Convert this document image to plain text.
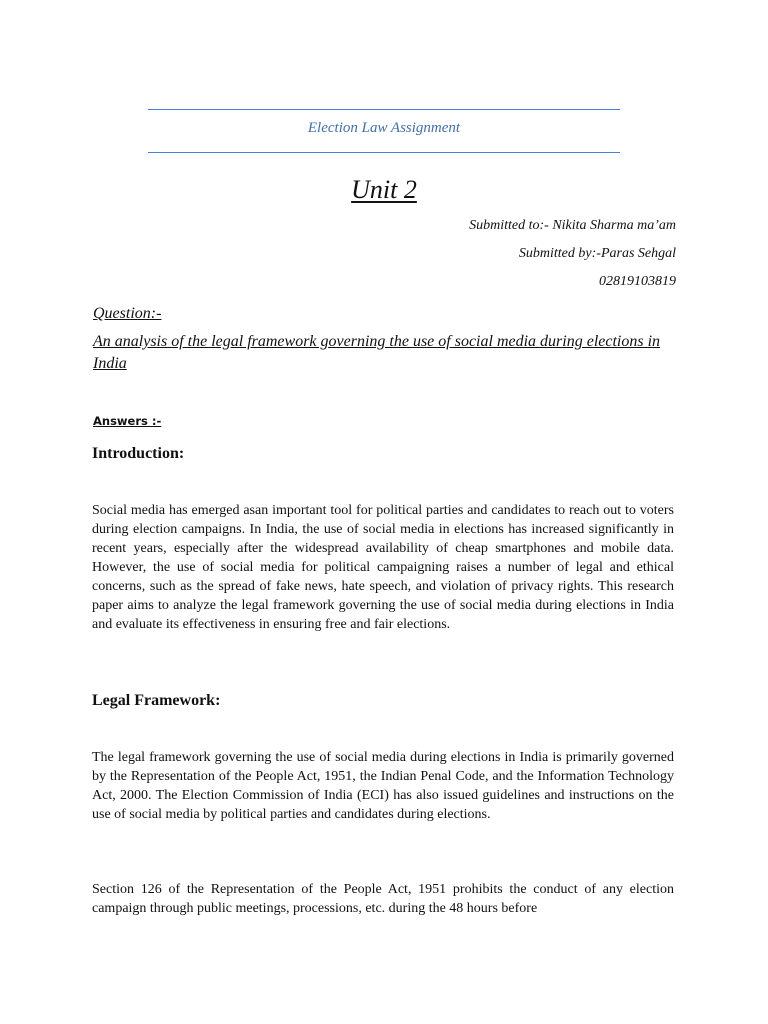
Election Law Assignment
Unit 2
Submitted to:- Nikita Sharma ma’am
Submitted by:-Paras Sehgal
02819103819
Question:-
An analysis of the legal framework governing the use of social media during elections in India
Answers :-
Introduction:
Social media has emerged asan important tool for political parties and candidates to reach out to voters during election campaigns. In India, the use of social media in elections has increased significantly in recent years, especially after the widespread availability of cheap smartphones and mobile data. However, the use of social media for political campaigning raises a number of legal and ethical concerns, such as the spread of fake news, hate speech, and violation of privacy rights. This research paper aims to analyze the legal framework governing the use of social media during elections in India and evaluate its effectiveness in ensuring free and fair elections.
Legal Framework:
The legal framework governing the use of social media during elections in India is primarily governed by the Representation of the People Act, 1951, the Indian Penal Code, and the Information Technology Act, 2000. The Election Commission of India (ECI) has also issued guidelines and instructions on the use of social media by political parties and candidates during elections.
Section 126 of the Representation of the People Act, 1951 prohibits the conduct of any election campaign through public meetings, processions, etc. during the 48 hours before
